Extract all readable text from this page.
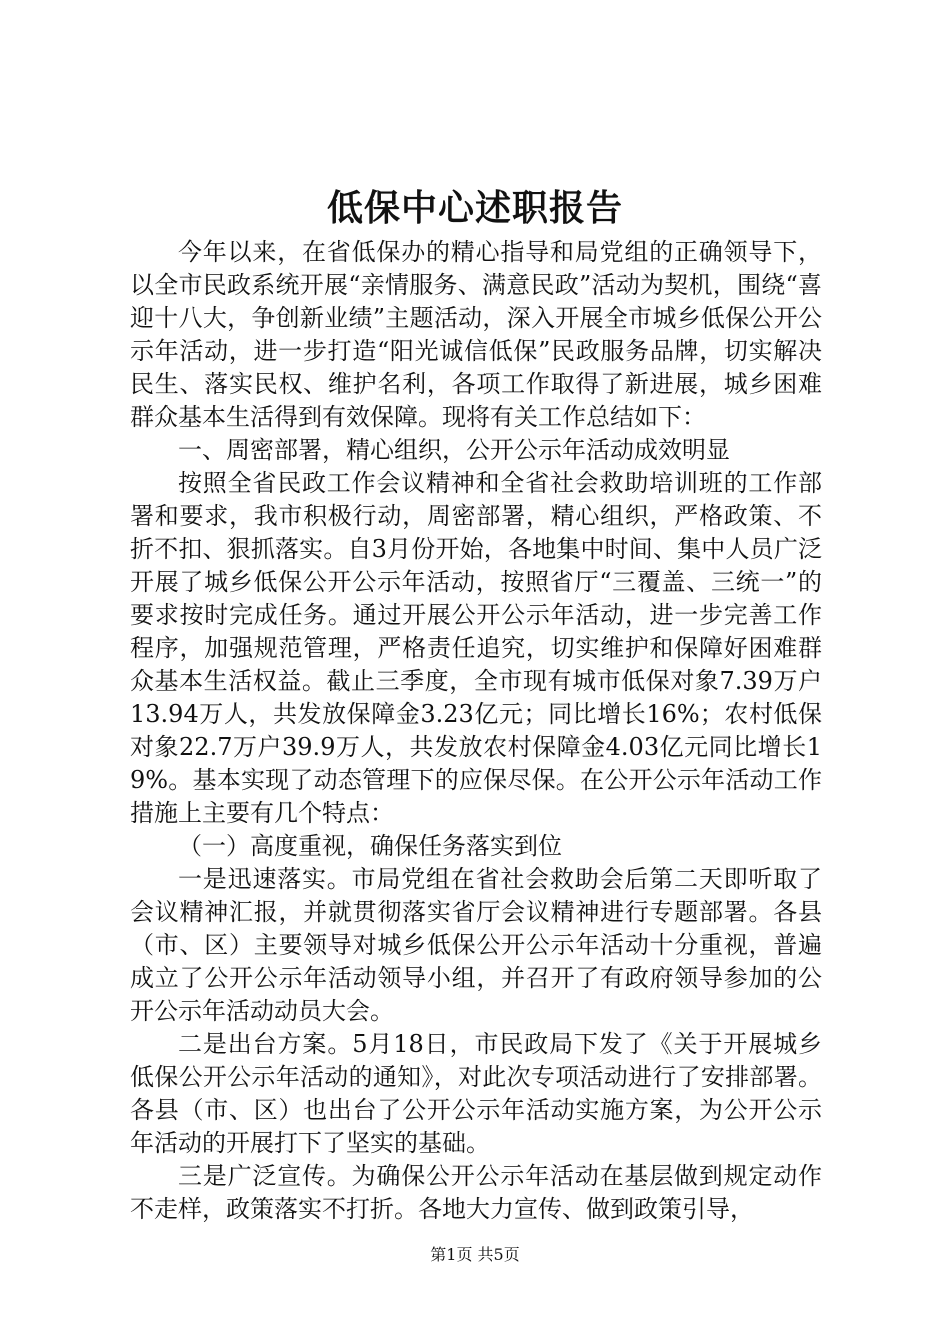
低保中心述职报告

今年以来，在省低保办的精心指导和局党组的正确领导下，以全市民政系统开展“亲情服务、满意民政”活动为契机，围绕“喜迎十八大，争创新业绩”主题活动，深入开展全市城乡低保公开公示年活动，进一步打造“阳光诚信低保”民政服务品牌，切实解决民生、落实民权、维护名利，各项工作取得了新进展，城乡困难群众基本生活得到有效保障。现将有关工作总结如下：

一、周密部署，精心组织，公开公示年活动成效明显

按照全省民政工作会议精神和全省社会救助培训班的工作部署和要求，我市积极行动，周密部署，精心组织，严格政策、不折不扣、狠抓落实。自3月份开始，各地集中时间、集中人员广泛开展了城乡低保公开公示年活动，按照省厅“三覆盖、三统一”的要求按时完成任务。通过开展公开公示年活动，进一步完善工作程序，加强规范管理，严格责任追究，切实维护和保障好困难群众基本生活权益。截止三季度，全市现有城市低保对象7.39万户13.94万人，共发放保障金3.23亿元；同比增长16%；农村低保对象22.7万户39.9万人，共发放农村保障金4.03亿元同比增长19%。基本实现了动态管理下的应保尽保。在公开公示年活动工作措施上主要有几个特点：

（一）高度重视，确保任务落实到位

一是迅速落实。市局党组在省社会救助会后第二天即听取了会议精神汇报，并就贯彻落实省厅会议精神进行专题部署。各县（市、区）主要领导对城乡低保公开公示年活动十分重视，普遍成立了公开公示年活动领导小组，并召开了有政府领导参加的公开公示年活动动员大会。

二是出台方案。5月18日，市民政局下发了《关于开展城乡低保公开公示年活动的通知》，对此次专项活动进行了安排部署。各县（市、区）也出台了公开公示年活动实施方案，为公开公示年活动的开展打下了坚实的基础。

三是广泛宣传。为确保公开公示年活动在基层做到规定动作不走样，政策落实不打折。各地大力宣传、做到政策引导，

第1页 共5页
